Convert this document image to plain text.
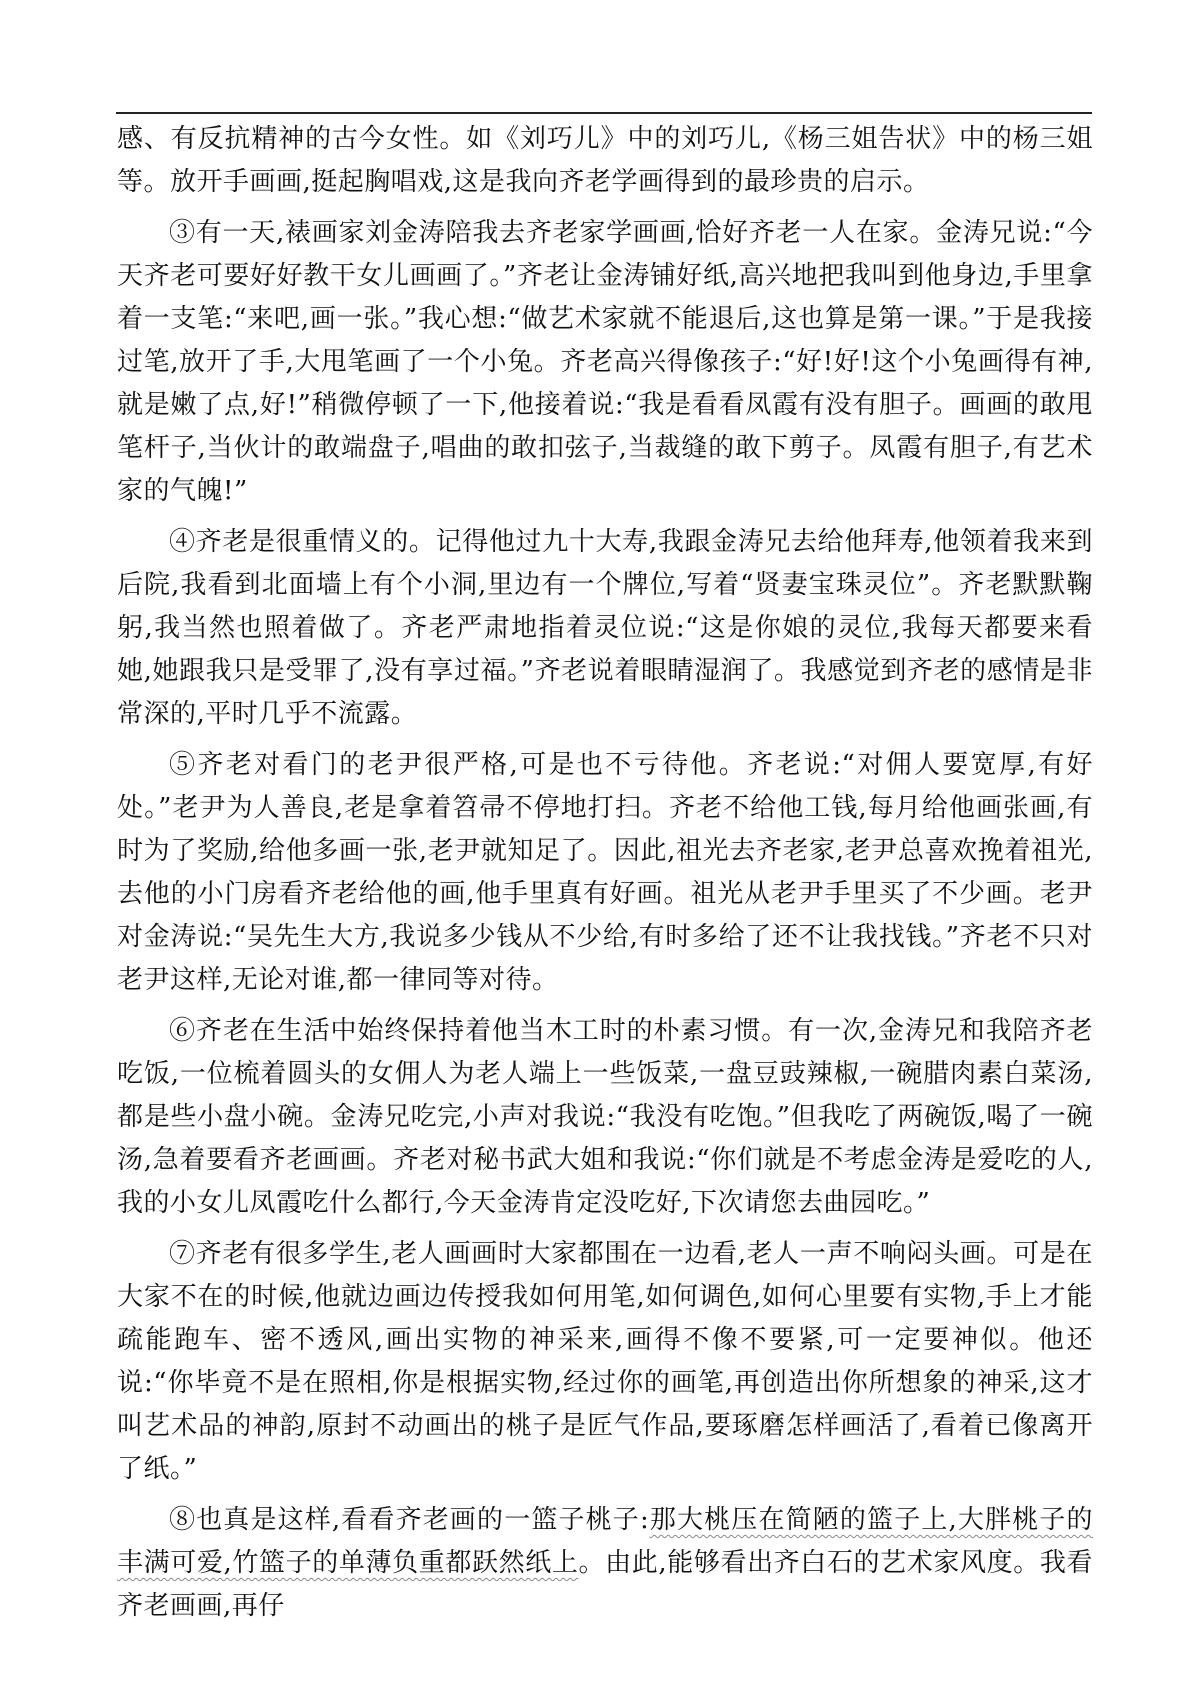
感、有反抗精神的古今女性。如《刘巧儿》中的刘巧儿,《杨三姐告状》中的杨三姐等。放开手画画,挺起胸唱戏,这是我向齐老学画得到的最珍贵的启示。

③有一天,裱画家刘金涛陪我去齐老家学画画,恰好齐老一人在家。金涛兄说:“今天齐老可要好好教干女儿画画了。”齐老让金涛铺好纸,高兴地把我叫到他身边,手里拿着一支笔:“来吧,画一张。”我心想:“做艺术家就不能退后,这也算是第一课。”于是我接过笔,放开了手,大甩笔画了一个小兔。齐老高兴得像孩子:“好!好!这个小兔画得有神,就是嫩了点,好!”稍微停顿了一下,他接着说:“我是看看凤霞有没有胆子。画画的敢甩笔杆子,当伙计的敢端盘子,唱曲的敢扣弦子,当裁缝的敢下剪子。凤霞有胆子,有艺术家的气魄!”

④齐老是很重情义的。记得他过九十大寿,我跟金涛兄去给他拜寿,他领着我来到后院,我看到北面墙上有个小洞,里边有一个牌位,写着“贤妻宝珠灵位”。齐老默默鞠躬,我当然也照着做了。齐老严肃地指着灵位说:“这是你娘的灵位,我每天都要来看她,她跟我只是受罪了,没有享过福。”齐老说着眼睛湿润了。我感觉到齐老的感情是非常深的,平时几乎不流露。

⑤齐老对看门的老尹很严格,可是也不亏待他。齐老说:“对佣人要宽厚,有好处。”老尹为人善良,老是拿着笤帚不停地打扫。齐老不给他工钱,每月给他画张画,有时为了奖励,给他多画一张,老尹就知足了。因此,祖光去齐老家,老尹总喜欢挽着祖光,去他的小门房看齐老给他的画,他手里真有好画。祖光从老尹手里买了不少画。老尹对金涛说:“吴先生大方,我说多少钱从不少给,有时多给了还不让我找钱。”齐老不只对老尹这样,无论对谁,都一律同等对待。

⑥齐老在生活中始终保持着他当木工时的朴素习惯。有一次,金涛兄和我陪齐老吃饭,一位梳着圆头的女佣人为老人端上一些饭菜,一盘豆豉辣椒,一碗腊肉素白菜汤,都是些小盘小碗。金涛兄吃完,小声对我说:“我没有吃饱。”但我吃了两碗饭,喝了一碗汤,急着要看齐老画画。齐老对秘书武大姐和我说:“你们就是不考虑金涛是爱吃的人,我的小女儿凤霞吃什么都行,今天金涛肯定没吃好,下次请您去曲园吃。”

⑦齐老有很多学生,老人画画时大家都围在一边看,老人一声不响闷头画。可是在大家不在的时候,他就边画边传授我如何用笔,如何调色,如何心里要有实物,手上才能疏能跑车、密不透风,画出实物的神采来,画得不像不要紧,可一定要神似。他还说:“你毕竟不是在照相,你是根据实物,经过你的画笔,再创造出你所想象的神采,这才叫艺术品的神韵,原封不动画出的桃子是匠气作品,要琢磨怎样画活了,看着已像离开了纸。”

⑧也真是这样,看看齐老画的一篮子桃子:那大桃压在简陋的篮子上,大胖桃子的丰满可爱,竹篮子的单薄负重都跃然纸上。由此,能够看出齐白石的艺术家风度。我看齐老画画,再仔
